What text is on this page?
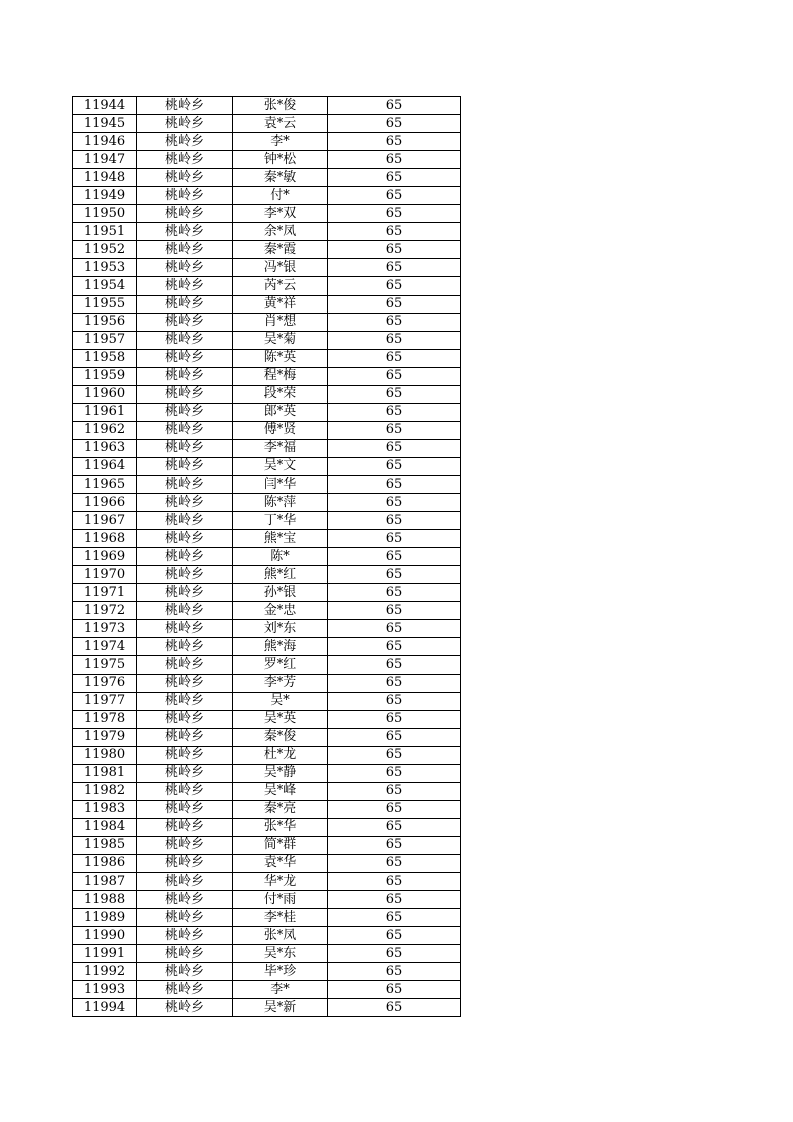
11944	桃岭乡	张*俊	65
11945	桃岭乡	袁*云	65
11946	桃岭乡	李*	65
11947	桃岭乡	钟*松	65
11948	桃岭乡	秦*敏	65
11949	桃岭乡	付*	65
11950	桃岭乡	李*双	65
11951	桃岭乡	余*凤	65
11952	桃岭乡	秦*霞	65
11953	桃岭乡	冯*银	65
11954	桃岭乡	芮*云	65
11955	桃岭乡	黄*祥	65
11956	桃岭乡	肖*想	65
11957	桃岭乡	吴*菊	65
11958	桃岭乡	陈*英	65
11959	桃岭乡	程*梅	65
11960	桃岭乡	段*荣	65
11961	桃岭乡	郎*英	65
11962	桃岭乡	傅*贤	65
11963	桃岭乡	李*福	65
11964	桃岭乡	吴*文	65
11965	桃岭乡	闫*华	65
11966	桃岭乡	陈*萍	65
11967	桃岭乡	丁*华	65
11968	桃岭乡	熊*宝	65
11969	桃岭乡	陈*	65
11970	桃岭乡	熊*红	65
11971	桃岭乡	孙*银	65
11972	桃岭乡	金*忠	65
11973	桃岭乡	刘*东	65
11974	桃岭乡	熊*海	65
11975	桃岭乡	罗*红	65
11976	桃岭乡	李*芳	65
11977	桃岭乡	吴*	65
11978	桃岭乡	吴*英	65
11979	桃岭乡	秦*俊	65
11980	桃岭乡	杜*龙	65
11981	桃岭乡	吴*静	65
11982	桃岭乡	吴*峰	65
11983	桃岭乡	秦*亮	65
11984	桃岭乡	张*华	65
11985	桃岭乡	简*群	65
11986	桃岭乡	袁*华	65
11987	桃岭乡	华*龙	65
11988	桃岭乡	付*雨	65
11989	桃岭乡	李*桂	65
11990	桃岭乡	张*凤	65
11991	桃岭乡	吴*东	65
11992	桃岭乡	毕*珍	65
11993	桃岭乡	李*	65
11994	桃岭乡	吴*新	65
